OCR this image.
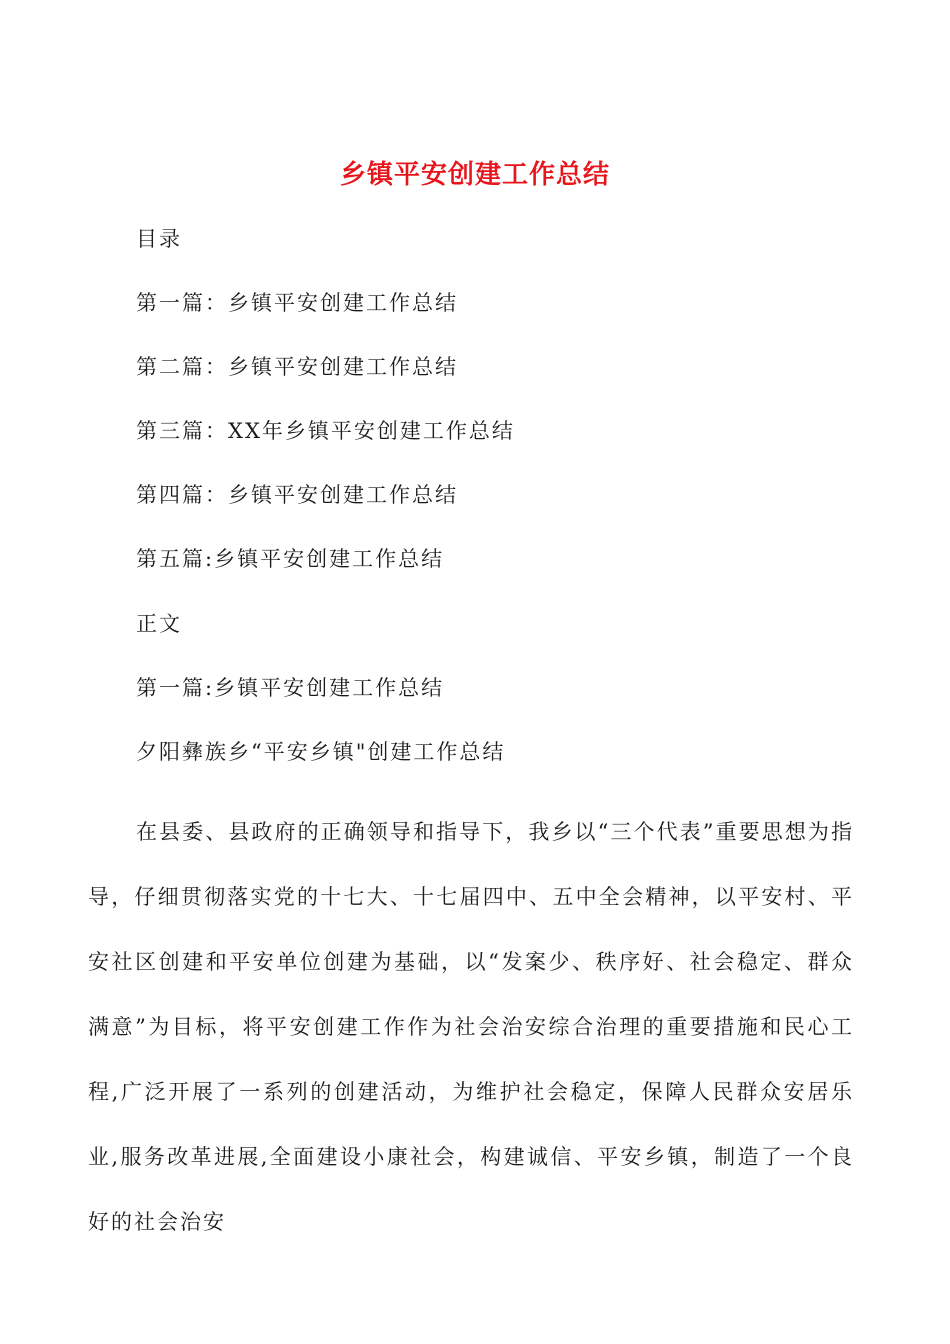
乡镇平安创建工作总结
目录
第一篇：乡镇平安创建工作总结
第二篇：乡镇平安创建工作总结
第三篇：XX年乡镇平安创建工作总结
第四篇：乡镇平安创建工作总结
第五篇:乡镇平安创建工作总结
正文
第一篇:乡镇平安创建工作总结
夕阳彝族乡“平安乡镇"创建工作总结

在县委、县政府的正确领导和指导下，我乡以“三个代表”重要思想为指导，仔细贯彻落实党的十七大、十七届四中、五中全会精神，以平安村、平安社区创建和平安单位创建为基础，以“发案少、秩序好、社会稳定、群众满意”为目标，将平安创建工作作为社会治安综合治理的重要措施和民心工程,广泛开展了一系列的创建活动，为维护社会稳定，保障人民群众安居乐业,服务改革进展,全面建设小康社会，构建诚信、平安乡镇，制造了一个良好的社会治安
